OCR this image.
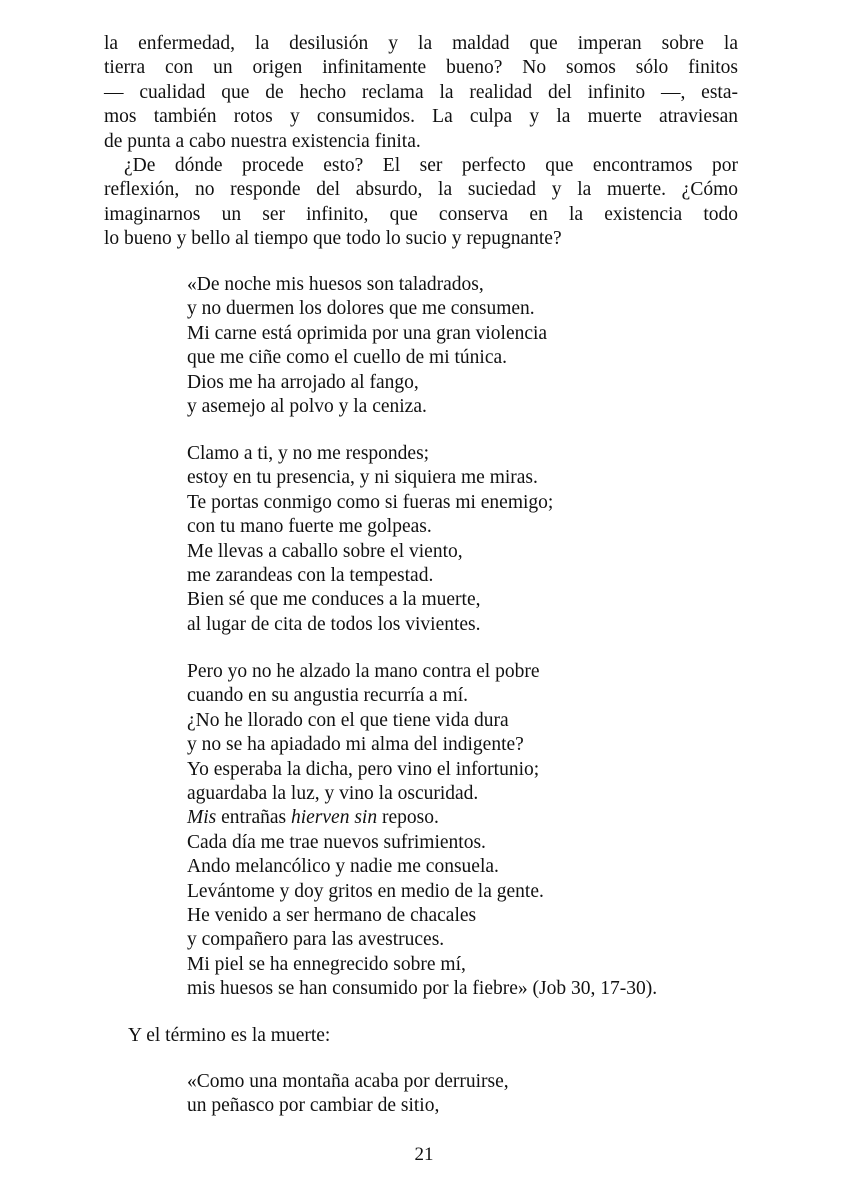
la enfermedad, la desilusión y la maldad que imperan sobre la
tierra con un origen infinitamente bueno? No somos sólo finitos
— cualidad que de hecho reclama la realidad del infinito —, esta-
mos también rotos y consumidos. La culpa y la muerte atraviesan
de punta a cabo nuestra existencia finita.
¿De dónde procede esto? El ser perfecto que encontramos por
reflexión, no responde del absurdo, la suciedad y la muerte. ¿Cómo
imaginarnos un ser infinito, que conserva en la existencia todo
lo bueno y bello al tiempo que todo lo sucio y repugnante?
«De noche mis huesos son taladrados,
y no duermen los dolores que me consumen.
Mi carne está oprimida por una gran violencia
que me ciñe como el cuello de mi túnica.
Dios me ha arrojado al fango,
y asemejo al polvo y la ceniza.
Clamo a ti, y no me respondes;
estoy en tu presencia, y ni siquiera me miras.
Te portas conmigo como si fueras mi enemigo;
con tu mano fuerte me golpeas.
Me llevas a caballo sobre el viento,
me zarandeas con la tempestad.
Bien sé que me conduces a la muerte,
al lugar de cita de todos los vivientes.
Pero yo no he alzado la mano contra el pobre
cuando en su angustia recurría a mí.
¿No he llorado con el que tiene vida dura
y no se ha apiadado mi alma del indigente?
Yo esperaba la dicha, pero vino el infortunio;
aguardaba la luz, y vino la oscuridad.
Mis entrañas hierven sin reposo.
Cada día me trae nuevos sufrimientos.
Ando melancólico y nadie me consuela.
Levántome y doy gritos en medio de la gente.
He venido a ser hermano de chacales
y compañero para las avestruces.
Mi piel se ha ennegrecido sobre mí,
mis huesos se han consumido por la fiebre» (Job 30, 17-30).
Y el término es la muerte:
«Como una montaña acaba por derruirse,
un peñasco por cambiar de sitio,
21
